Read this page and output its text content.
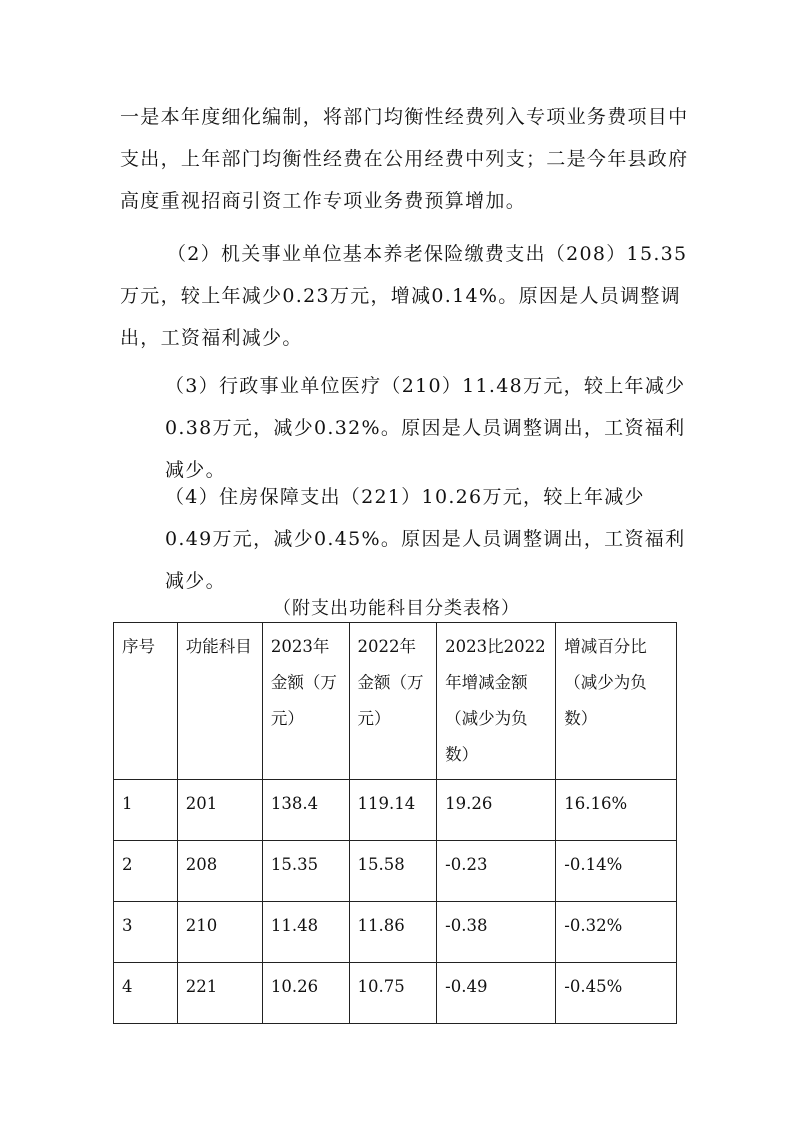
一是本年度细化编制，将部门均衡性经费列入专项业务费项目中支出，上年部门均衡性经费在公用经费中列支；二是今年县政府高度重视招商引资工作专项业务费预算增加。

（2）机关事业单位基本养老保险缴费支出（208）15.35万元，较上年减少0.23万元，增减0.14%。原因是人员调整调出，工资福利减少。

（3）行政事业单位医疗（210）11.48万元，较上年减少0.38万元，减少0.32%。原因是人员调整调出，工资福利减少。

（4）住房保障支出（221）10.26万元，较上年减少0.49万元，减少0.45%。原因是人员调整调出，工资福利减少。

（附支出功能科目分类表格）
序号	功能科目	2023年金额（万元）	2022年金额（万元）	2023比2022年增减金额（减少为负数）	增减百分比（减少为负数）
1	201	138.4	119.14	19.26	16.16%
2	208	15.35	15.58	-0.23	-0.14%
3	210	11.48	11.86	-0.38	-0.32%
4	221	10.26	10.75	-0.49	-0.45%
